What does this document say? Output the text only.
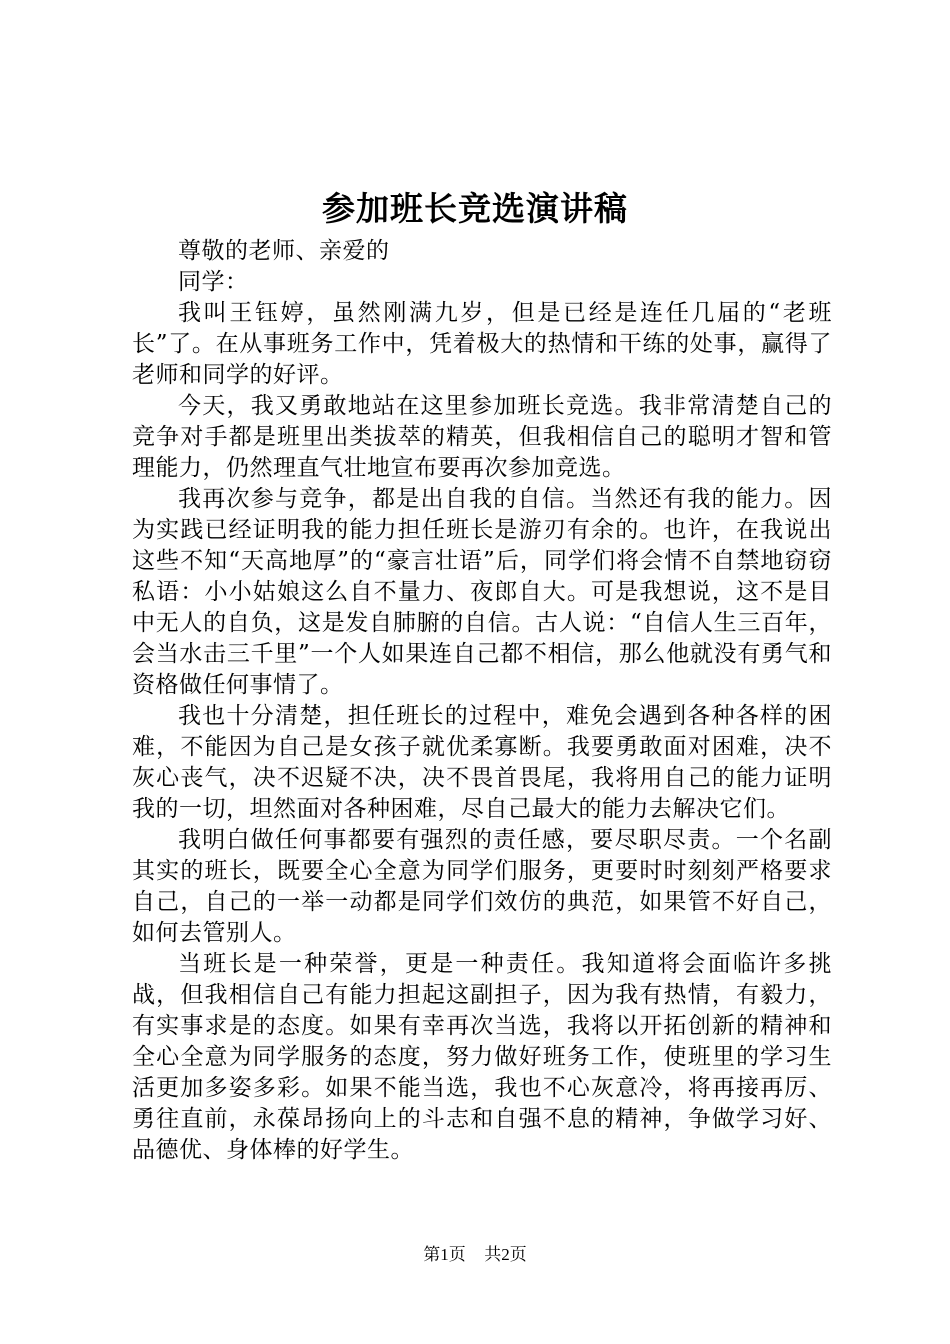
参加班长竞选演讲稿

尊敬的老师、亲爱的

同学：

我叫王钰婷，虽然刚满九岁，但是已经是连任几届的“老班长”了。在从事班务工作中，凭着极大的热情和干练的处事，赢得了老师和同学的好评。

今天，我又勇敢地站在这里参加班长竞选。我非常清楚自己的竞争对手都是班里出类拔萃的精英，但我相信自己的聪明才智和管理能力，仍然理直气壮地宣布要再次参加竞选。

我再次参与竞争，都是出自我的自信。当然还有我的能力。因为实践已经证明我的能力担任班长是游刃有余的。也许，在我说出这些不知“天高地厚”的“豪言壮语”后，同学们将会情不自禁地窃窃私语：小小姑娘这么自不量力、夜郎自大。可是我想说，这不是目中无人的自负，这是发自肺腑的自信。古人说：“自信人生三百年，会当水击三千里”一个人如果连自己都不相信，那么他就没有勇气和资格做任何事情了。

我也十分清楚，担任班长的过程中，难免会遇到各种各样的困难，不能因为自己是女孩子就优柔寡断。我要勇敢面对困难，决不灰心丧气，决不迟疑不决，决不畏首畏尾，我将用自己的能力证明我的一切，坦然面对各种困难，尽自己最大的能力去解决它们。

我明白做任何事都要有强烈的责任感，要尽职尽责。一个名副其实的班长，既要全心全意为同学们服务，更要时时刻刻严格要求自己，自己的一举一动都是同学们效仿的典范，如果管不好自己，如何去管别人。

当班长是一种荣誉，更是一种责任。我知道将会面临许多挑战，但我相信自己有能力担起这副担子，因为我有热情，有毅力，有实事求是的态度。如果有幸再次当选，我将以开拓创新的精神和全心全意为同学服务的态度，努力做好班务工作，使班里的学习生活更加多姿多彩。如果不能当选，我也不心灰意冷，将再接再厉、勇往直前，永葆昂扬向上的斗志和自强不息的精神，争做学习好、品德优、身体棒的好学生。

第1页 共2页
